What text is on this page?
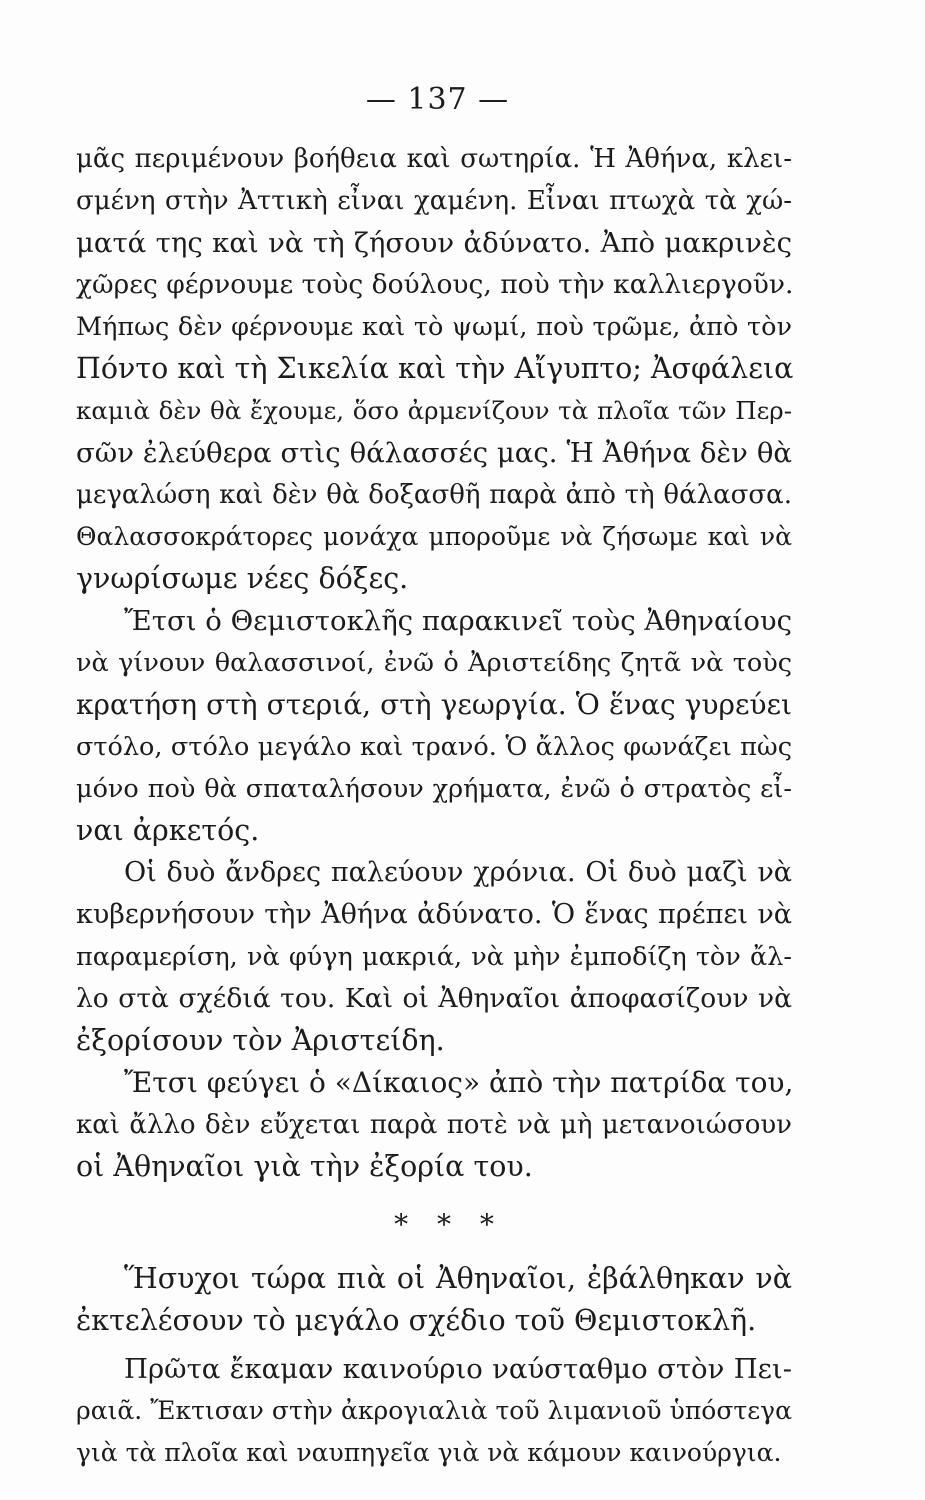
— 137 —
μᾶς περιμένουν βοήθεια καὶ σωτηρία. Ἡ Ἀθήνα, κλει-
σμένη στὴν Ἀττικὴ εἶναι χαμένη. Εἶναι πτωχὰ τὰ χώ-
ματά της καὶ νὰ τὴ ζήσουν ἀδύνατο. Ἀπὸ μακρινὲς
χῶρες φέρνουμε τοὺς δούλους, ποὺ τὴν καλλιεργοῦν.
Μήπως δὲν φέρνουμε καὶ τὸ ψωμί, ποὺ τρῶμε, ἀπὸ τὸν
Πόντο καὶ τὴ Σικελία καὶ τὴν Αἴγυπτο; Ἀσφάλεια
καμιὰ δὲν θὰ ἔχουμε, ὅσο ἀρμενίζουν τὰ πλοῖα τῶν Περ-
σῶν ἐλεύθερα στὶς θάλασσές μας. Ἡ Ἀθήνα δὲν θὰ
μεγαλώση καὶ δὲν θὰ δοξασθῆ παρὰ ἀπὸ τὴ θάλασσα.
Θαλασσοκράτορες μονάχα μποροῦμε νὰ ζήσωμε καὶ νὰ
γνωρίσωμε νέες δόξες.
Ἔτσι ὁ Θεμιστοκλῆς παρακινεῖ τοὺς Ἀθηναίους
νὰ γίνουν θαλασσινοί, ἐνῶ ὁ Ἀριστείδης ζητᾶ νὰ τοὺς
κρατήση στὴ στεριά, στὴ γεωργία. Ὁ ἕνας γυρεύει
στόλο, στόλο μεγάλο καὶ τρανό. Ὁ ἄλλος φωνάζει πὼς
μόνο ποὺ θὰ σπαταλήσουν χρήματα, ἐνῶ ὁ στρατὸς εἶ-
ναι ἀρκετός.
Οἱ δυὸ ἄνδρες παλεύουν χρόνια. Οἱ δυὸ μαζὶ νὰ
κυβερνήσουν τὴν Ἀθήνα ἀδύνατο. Ὁ ἕνας πρέπει νὰ
παραμερίση, νὰ φύγη μακριά, νὰ μὴν ἐμποδίζη τὸν ἄλ-
λο στὰ σχέδιά του. Καὶ οἱ Ἀθηναῖοι ἀποφασίζουν νὰ
ἐξορίσουν τὸν Ἀριστείδη.
Ἔτσι φεύγει ὁ «Δίκαιος» ἀπὸ τὴν πατρίδα του,
καὶ ἄλλο δὲν εὔχεται παρὰ ποτὲ νὰ μὴ μετανοιώσουν
οἱ Ἀθηναῖοι γιὰ τὴν ἐξορία του.
* * *
Ἥσυχοι τώρα πιὰ οἱ Ἀθηναῖοι, ἐβάλθηκαν νὰ
ἐκτελέσουν τὸ μεγάλο σχέδιο τοῦ Θεμιστοκλῆ.
Πρῶτα ἔκαμαν καινούριο ναύσταθμο στὸν Πει-
ραιᾶ. Ἔκτισαν στὴν ἀκρογιαλιὰ τοῦ λιμανιοῦ ὑπόστεγα
γιὰ τὰ πλοῖα καὶ ναυπηγεῖα γιὰ νὰ κάμουν καινούργια.
